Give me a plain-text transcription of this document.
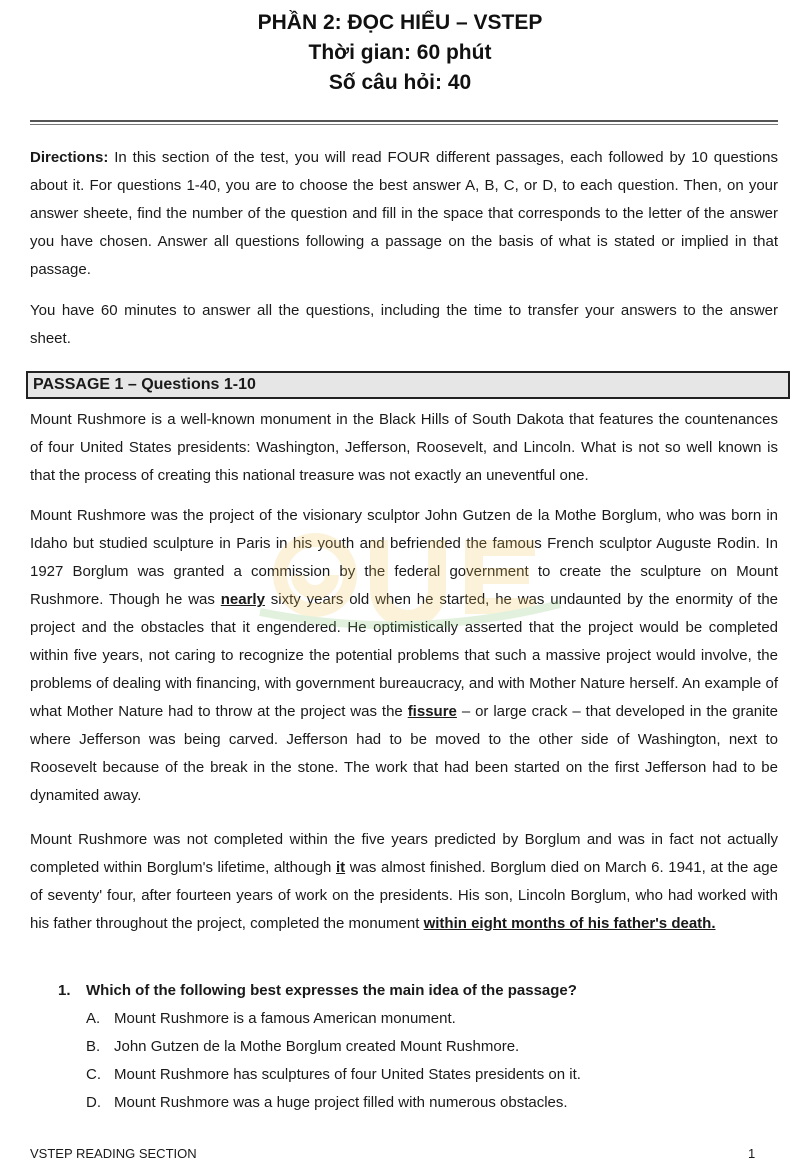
PHẦN 2: ĐỌC HIỂU – VSTEP
Thời gian: 60 phút
Số câu hỏi: 40

Directions: In this section of the test, you will read FOUR different passages, each followed by 10 questions about it. For questions 1-40, you are to choose the best answer A, B, C, or D, to each question. Then, on your answer sheete, find the number of the question and fill in the space that corresponds to the letter of the answer you have chosen. Answer all questions following a passage on the basis of what is stated or implied in that passage.

You have 60 minutes to answer all the questions, including the time to transfer your answers to the answer sheet.

PASSAGE 1 – Questions 1-10

Mount Rushmore is a well-known monument in the Black Hills of South Dakota that features the countenances of four United States presidents: Washington, Jefferson, Roosevelt, and Lincoln. What is not so well known is that the process of creating this national treasure was not exactly an uneventful one.

Mount Rushmore was the project of the visionary sculptor John Gutzen de la Mothe Borglum, who was born in Idaho but studied sculpture in Paris in his youth and befriended the famous French sculptor Auguste Rodin. In 1927 Borglum was granted a commission by the federal government to create the sculpture on Mount Rushmore. Though he was nearly sixty years old when he started, he was undaunted by the enormity of the project and the obstacles that it engendered. He optimistically asserted that the project would be completed within five years, not caring to recognize the potential problems that such a massive project would involve, the problems of dealing with financing, with government bureaucracy, and with Mother Nature herself. An example of what Mother Nature had to throw at the project was the fissure – or large crack – that developed in the granite where Jefferson was being carved. Jefferson had to be moved to the other side of Washington, next to Roosevelt because of the break in the stone. The work that had been started on the first Jefferson had to be dynamited away.

Mount Rushmore was not completed within the five years predicted by Borglum and was in fact not actually completed within Borglum's lifetime, although it was almost finished. Borglum died on March 6. 1941, at the age of seventy' four, after fourteen years of work on the presidents. His son, Lincoln Borglum, who had worked with his father throughout the project, completed the monument within eight months of his father's death.

1. Which of the following best expresses the main idea of the passage?
A. Mount Rushmore is a famous American monument.
B. John Gutzen de la Mothe Borglum created Mount Rushmore.
C. Mount Rushmore has sculptures of four United States presidents on it.
D. Mount Rushmore was a huge project filled with numerous obstacles.
VSTEP READING SECTION	1
